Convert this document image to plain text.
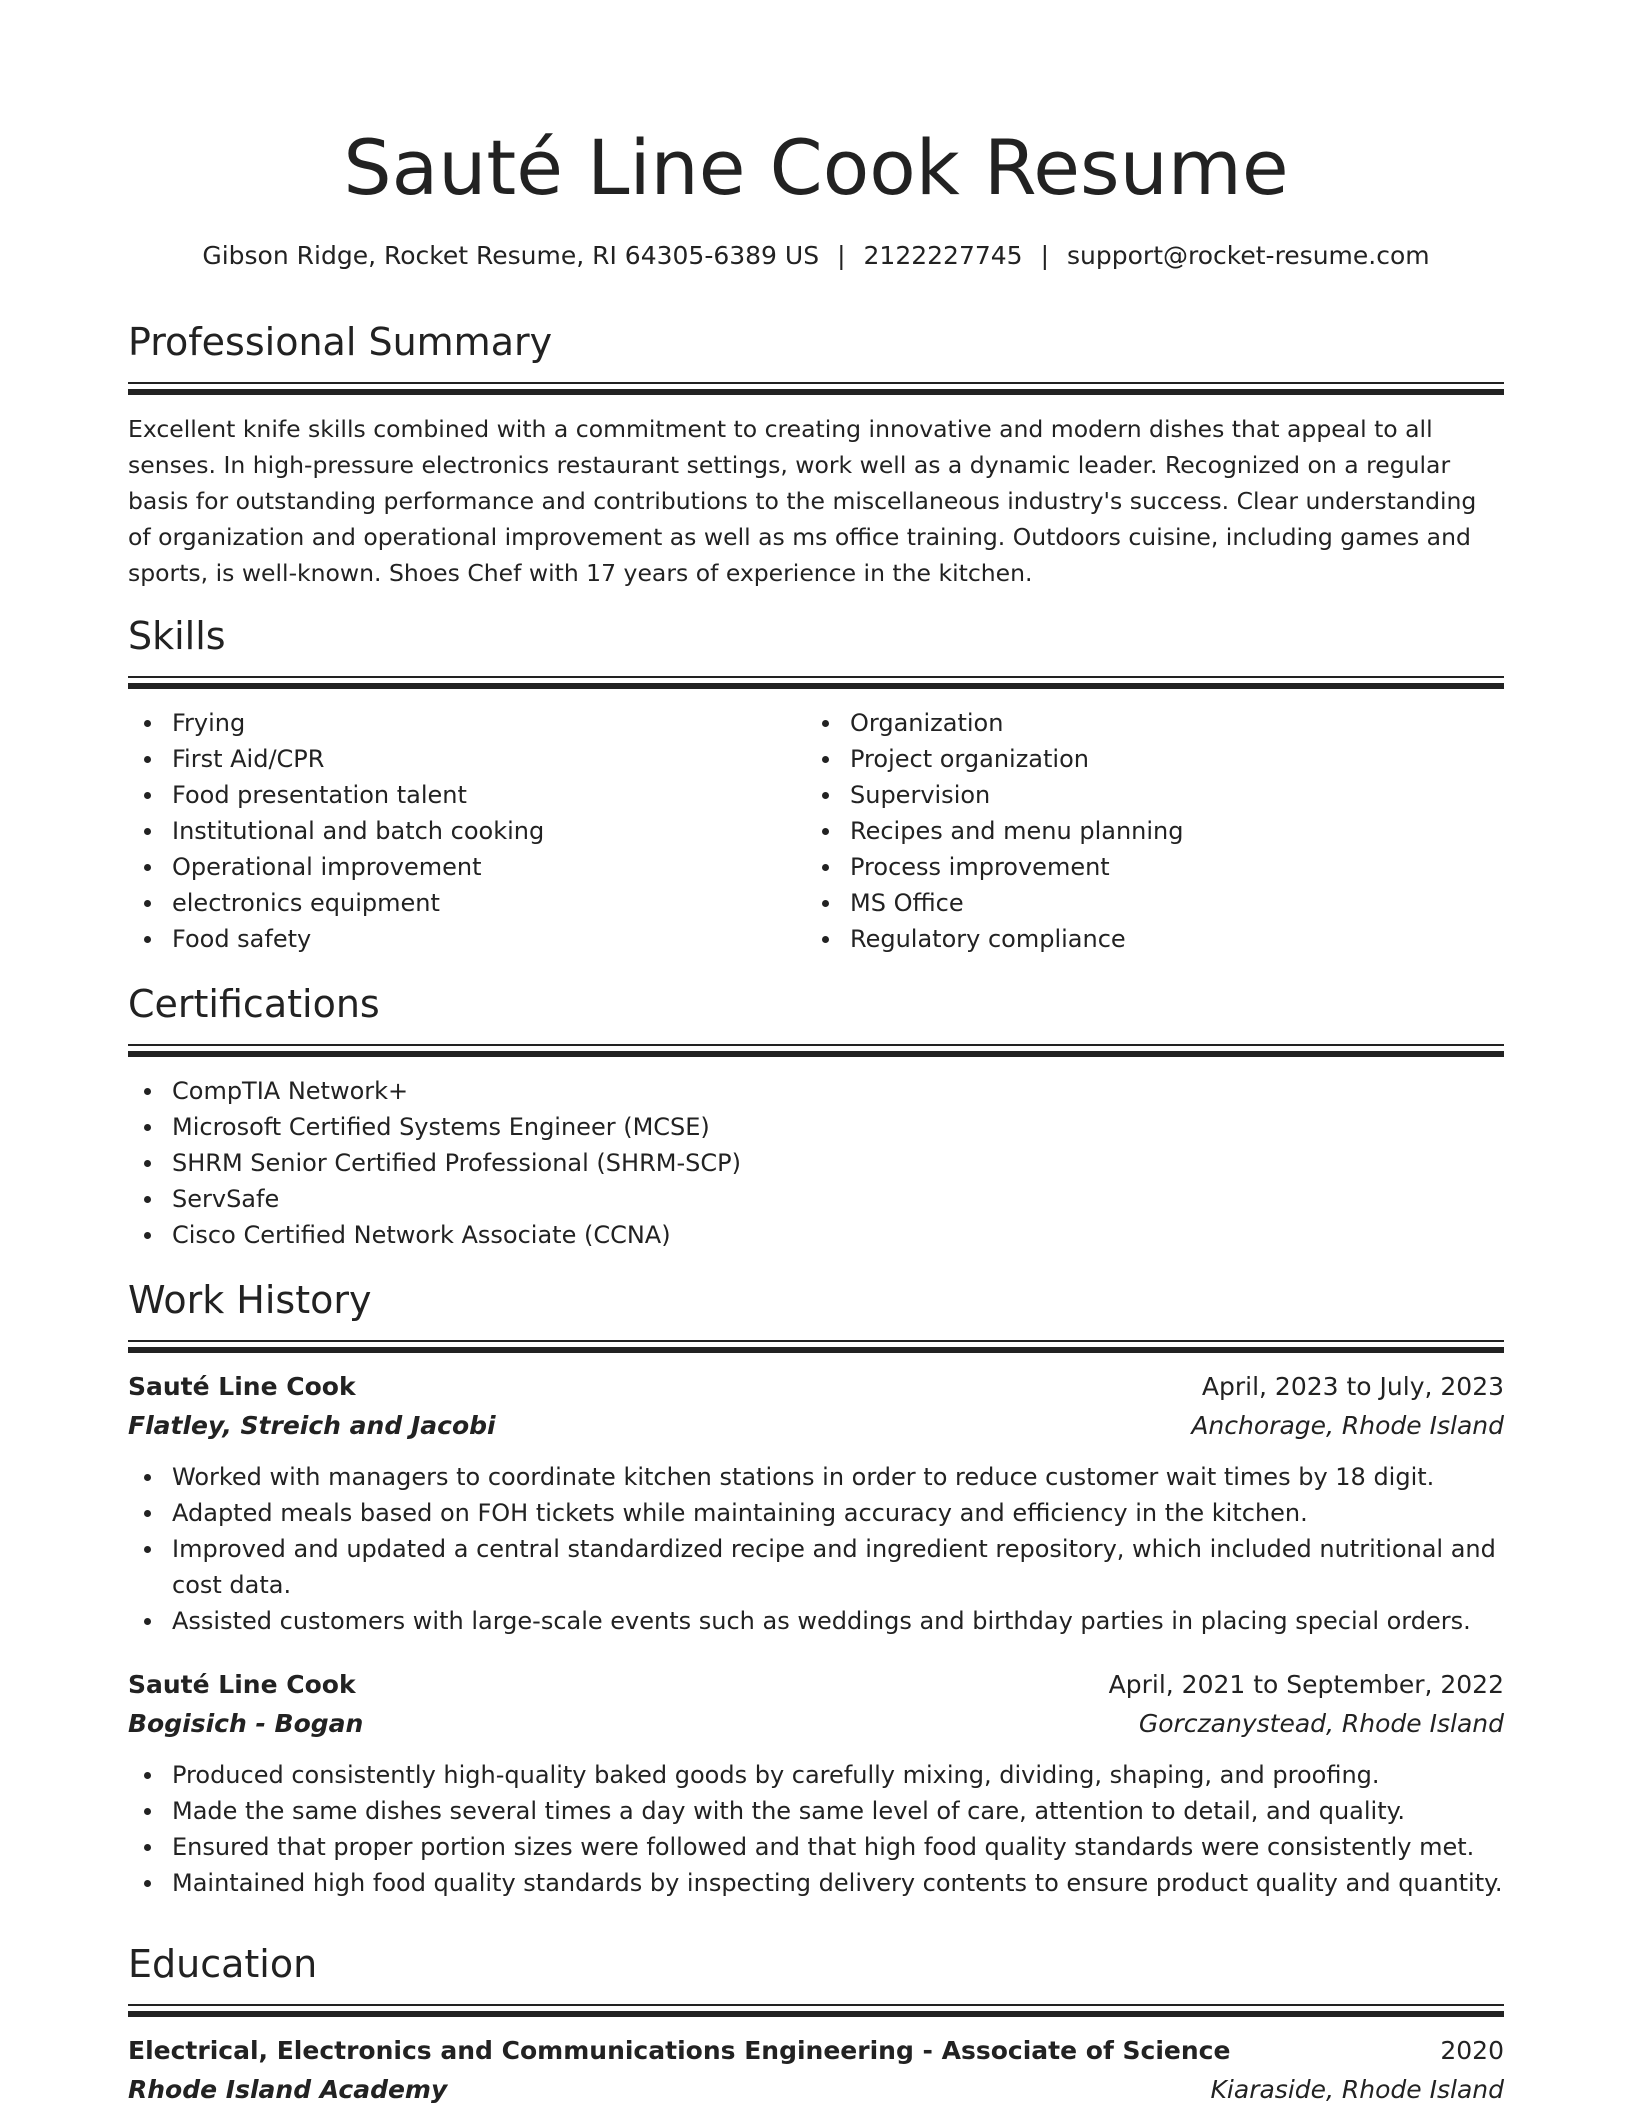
Sauté Line Cook Resume
Gibson Ridge, Rocket Resume, RI 64305-6389 US | 2122227745 | support@rocket-resume.com
Professional Summary
Excellent knife skills combined with a commitment to creating innovative and modern dishes that appeal to all senses. In high-pressure electronics restaurant settings, work well as a dynamic leader. Recognized on a regular basis for outstanding performance and contributions to the miscellaneous industry's success. Clear understanding of organization and operational improvement as well as ms office training. Outdoors cuisine, including games and sports, is well-known. Shoes Chef with 17 years of experience in the kitchen.
Skills
Frying
First Aid/CPR
Food presentation talent
Institutional and batch cooking
Operational improvement
electronics equipment
Food safety
Organization
Project organization
Supervision
Recipes and menu planning
Process improvement
MS Office
Regulatory compliance
Certifications
CompTIA Network+
Microsoft Certified Systems Engineer (MCSE)
SHRM Senior Certified Professional (SHRM-SCP)
ServSafe
Cisco Certified Network Associate (CCNA)
Work History
Sauté Line Cook	April, 2023 to July, 2023
Flatley, Streich and Jacobi	Anchorage, Rhode Island
Worked with managers to coordinate kitchen stations in order to reduce customer wait times by 18 digit.
Adapted meals based on FOH tickets while maintaining accuracy and efficiency in the kitchen.
Improved and updated a central standardized recipe and ingredient repository, which included nutritional and cost data.
Assisted customers with large-scale events such as weddings and birthday parties in placing special orders.
Sauté Line Cook	April, 2021 to September, 2022
Bogisich - Bogan	Gorczanystead, Rhode Island
Produced consistently high-quality baked goods by carefully mixing, dividing, shaping, and proofing.
Made the same dishes several times a day with the same level of care, attention to detail, and quality.
Ensured that proper portion sizes were followed and that high food quality standards were consistently met.
Maintained high food quality standards by inspecting delivery contents to ensure product quality and quantity.
Education
Electrical, Electronics and Communications Engineering - Associate of Science	2020
Rhode Island Academy	Kiaraside, Rhode Island
